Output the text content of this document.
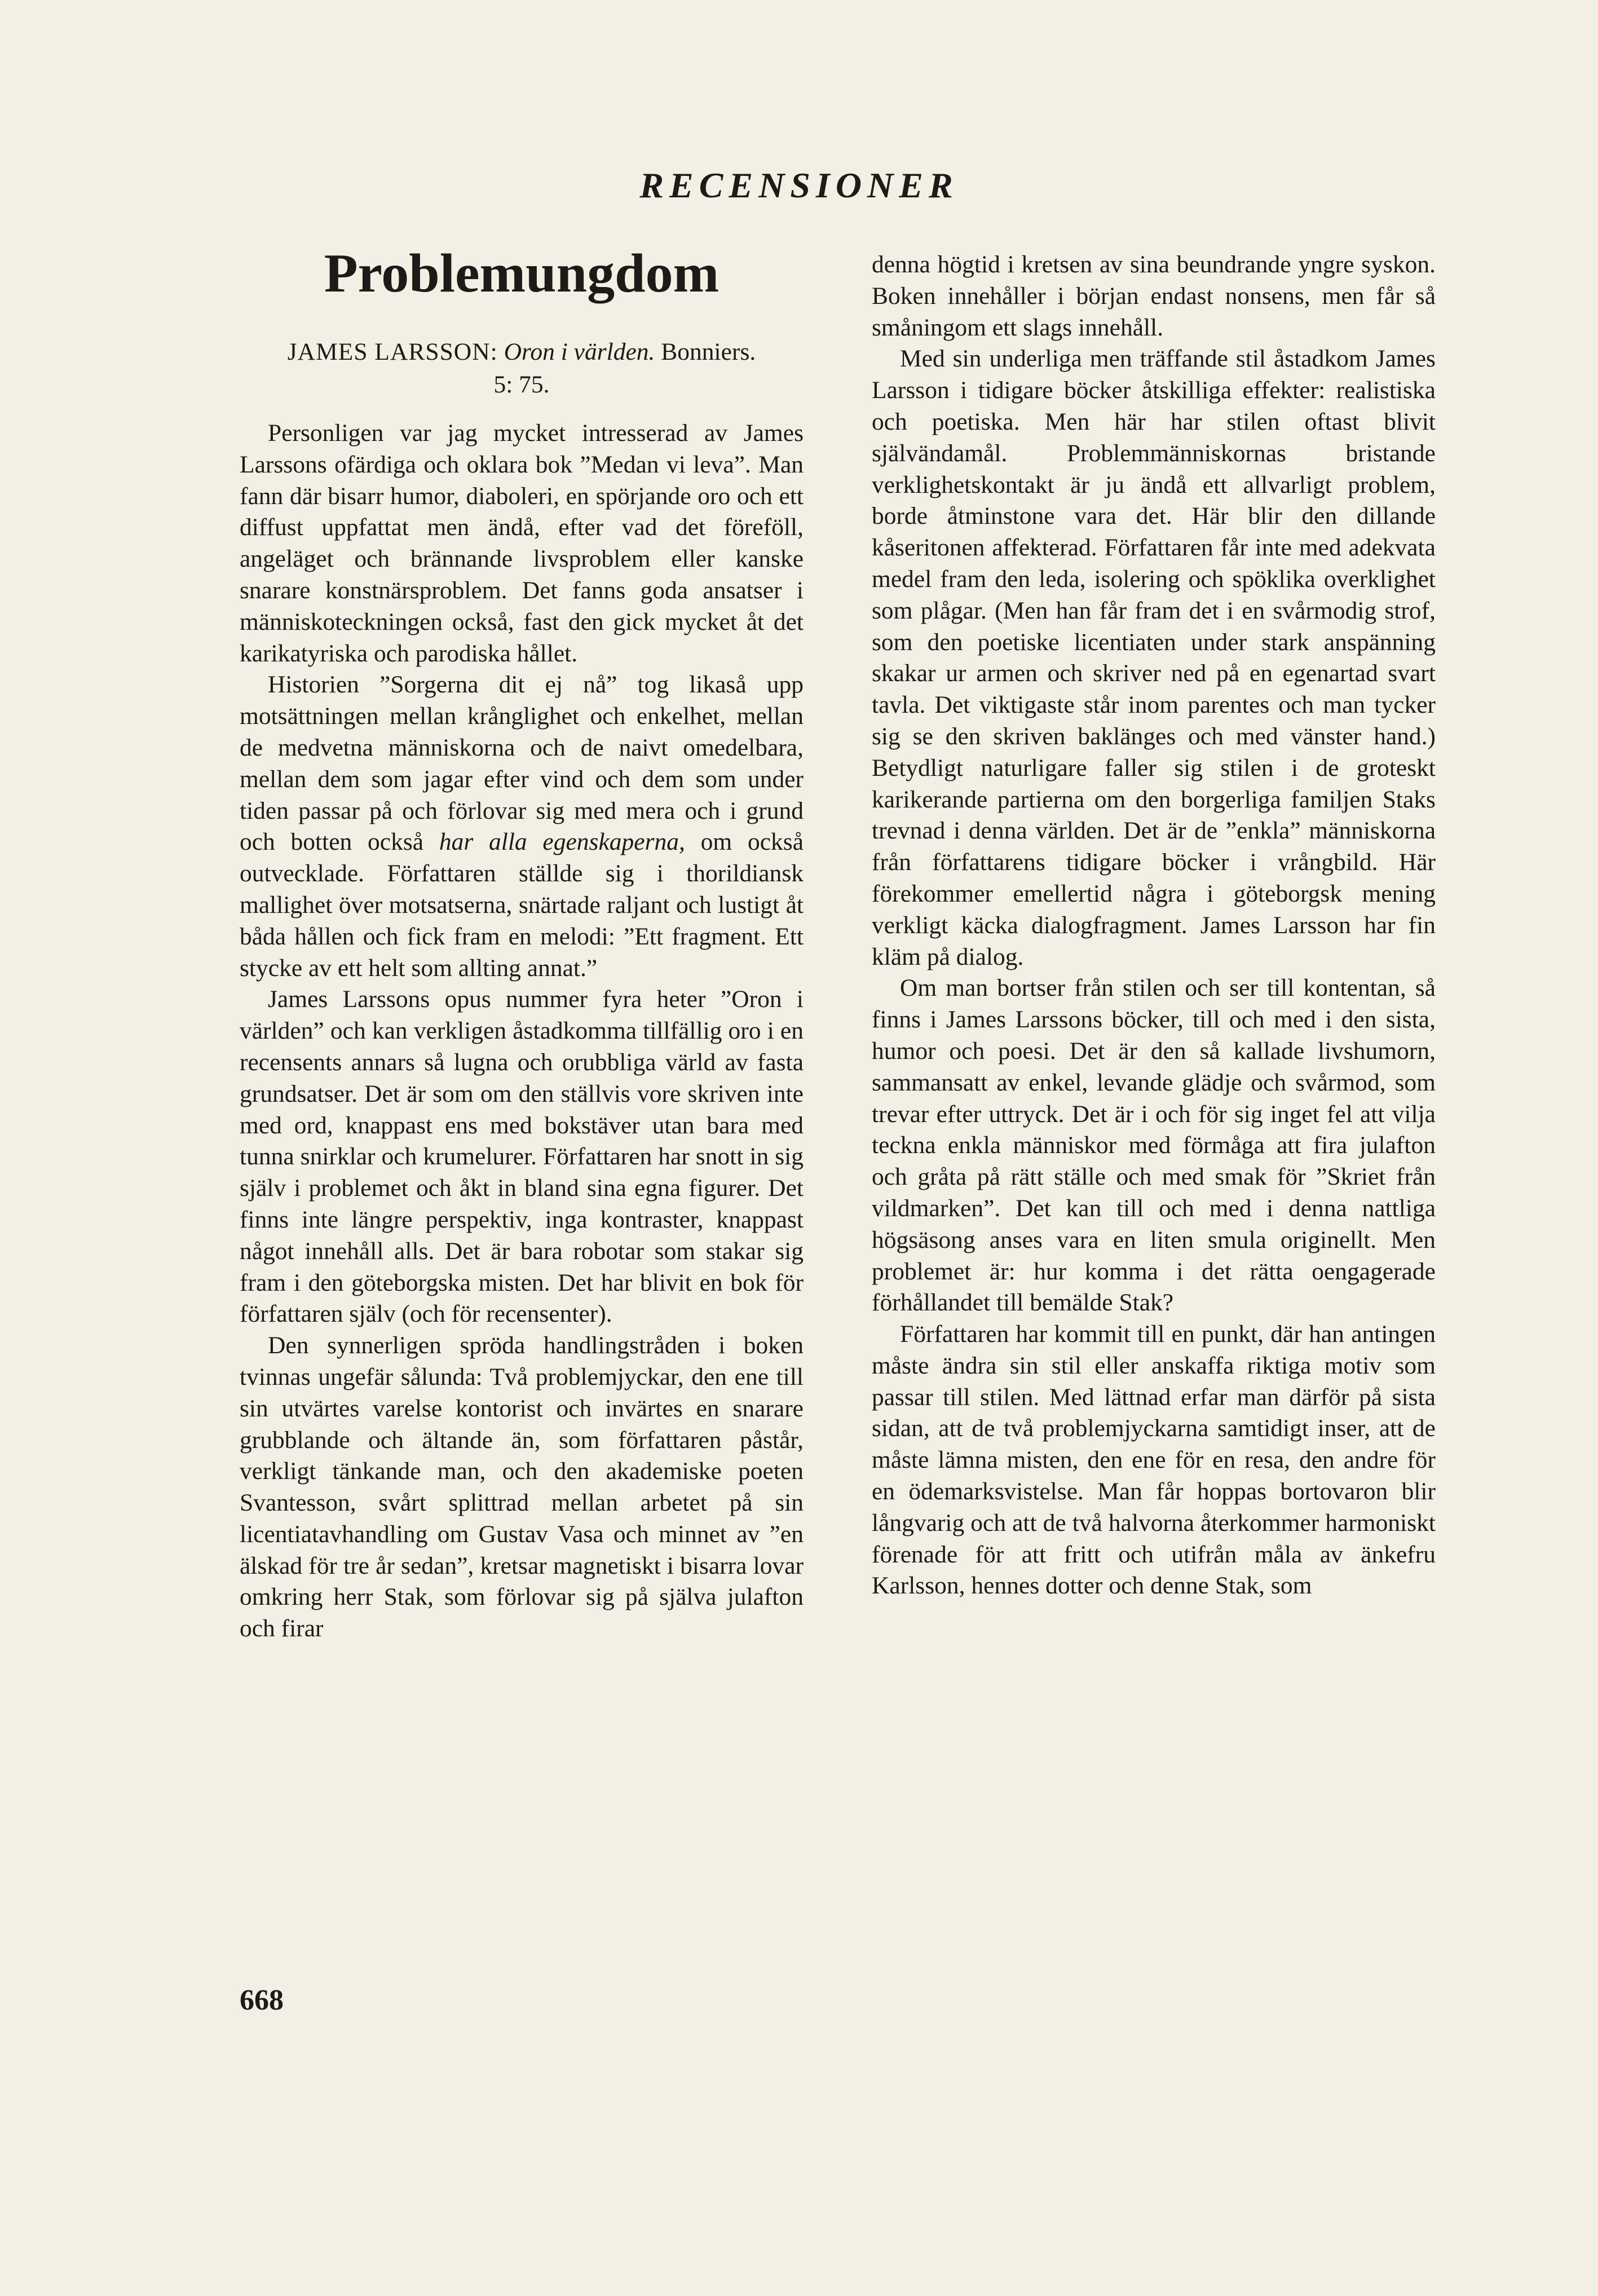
RECENSIONER
Problemungdom
JAMES LARSSON: Oron i världen. Bonniers.
5: 75.

Personligen var jag mycket intresserad av James Larssons ofärdiga och oklara bok ”Medan vi leva”. Man fann där bisarr humor, diaboleri, en spörjande oro och ett diffust uppfattat men ändå, efter vad det föreföll, angeläget och brännande livsproblem eller kanske snarare konstnärsproblem. Det fanns goda ansatser i människoteckningen också, fast den gick mycket åt det karikatyriska och parodiska hållet.

Historien ”Sorgerna dit ej nå” tog likaså upp motsättningen mellan krånglighet och enkelhet, mellan de medvetna människorna och de naivt omedelbara, mellan dem som jagar efter vind och dem som under tiden passar på och förlovar sig med mera och i grund och botten också har alla egenskaperna, om också outvecklade. Författaren ställde sig i thorildiansk mallighet över motsatserna, snärtade raljant och lustigt åt båda hållen och fick fram en melodi: ”Ett fragment. Ett stycke av ett helt som allting annat.”

James Larssons opus nummer fyra heter ”Oron i världen” och kan verkligen åstadkomma tillfällig oro i en recensents annars så lugna och orubbliga värld av fasta grundsatser. Det är som om den ställvis vore skriven inte med ord, knappast ens med bokstäver utan bara med tunna snirklar och krumelurer. Författaren har snott in sig själv i problemet och åkt in bland sina egna figurer. Det finns inte längre perspektiv, inga kontraster, knappast något innehåll alls. Det är bara robotar som stakar sig fram i den göteborgska misten. Det har blivit en bok för författaren själv (och för recensenter).

Den synnerligen spröda handlingstråden i boken tvinnas ungefär sålunda: Två problemjyckar, den ene till sin utvärtes varelse kontorist och invärtes en snarare grubblande och ältande än, som författaren påstår, verkligt tänkande man, och den akademiske poeten Svantesson, svårt splittrad mellan arbetet på sin licentiatavhandling om Gustav Vasa och minnet av ”en älskad för tre år sedan”, kretsar magnetiskt i bisarra lovar omkring herr Stak, som förlovar sig på själva julafton och firar

denna högtid i kretsen av sina beundrande yngre syskon. Boken innehåller i början endast nonsens, men får så småningom ett slags innehåll.

Med sin underliga men träffande stil åstadkom James Larsson i tidigare böcker åtskilliga effekter: realistiska och poetiska. Men här har stilen oftast blivit självändamål. Problemmänniskornas bristande verklighetskontakt är ju ändå ett allvarligt problem, borde åtminstone vara det. Här blir den dillande kåseritonen affekterad. Författaren får inte med adekvata medel fram den leda, isolering och spöklika overklighet som plågar. (Men han får fram det i en svårmodig strof, som den poetiske licentiaten under stark anspänning skakar ur armen och skriver ned på en egenartad svart tavla. Det viktigaste står inom parentes och man tycker sig se den skriven baklänges och med vänster hand.) Betydligt naturligare faller sig stilen i de groteskt karikerande partierna om den borgerliga familjen Staks trevnad i denna världen. Det är de ”enkla” människorna från författarens tidigare böcker i vrångbild. Här förekommer emellertid några i göteborgsk mening verkligt käcka dialogfragment. James Larsson har fin kläm på dialog.

Om man bortser från stilen och ser till kontentan, så finns i James Larssons böcker, till och med i den sista, humor och poesi. Det är den så kallade livshumorn, sammansatt av enkel, levande glädje och svårmod, som trevar efter uttryck. Det är i och för sig inget fel att vilja teckna enkla människor med förmåga att fira julafton och gråta på rätt ställe och med smak för ”Skriet från vildmarken”. Det kan till och med i denna nattliga högsäsong anses vara en liten smula originellt. Men problemet är: hur komma i det rätta oengagerade förhållandet till bemälde Stak?

Författaren har kommit till en punkt, där han antingen måste ändra sin stil eller anskaffa riktiga motiv som passar till stilen. Med lättnad erfar man därför på sista sidan, att de två problemjyckarna samtidigt inser, att de måste lämna misten, den ene för en resa, den andre för en ödemarksvistelse. Man får hoppas bortovaron blir långvarig och att de två halvorna återkommer harmoniskt förenade för att fritt och utifrån måla av änkefru Karlsson, hennes dotter och denne Stak, som

668
